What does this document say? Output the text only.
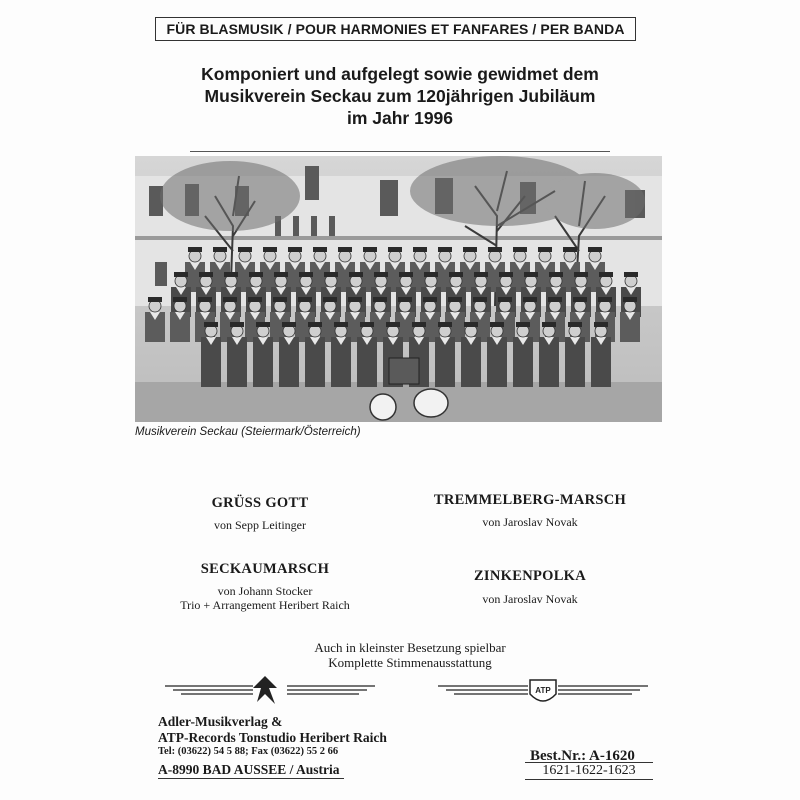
FÜR BLASMUSIK / POUR HARMONIES ET FANFARES / PER BANDA
Komponiert und aufgelegt sowie gewidmet dem
Musikverein Seckau zum 120jährigen Jubiläum
im Jahr 1996
Musikverein Seckau (Steiermark/Österreich)
GRÜSS GOTT
von Sepp Leitinger
TREMMELBERG-MARSCH
von Jaroslav Novak
SECKAUMARSCH
von Johann Stocker
Trio + Arrangement Heribert Raich
ZINKENPOLKA
von Jaroslav Novak
Auch in kleinster Besetzung spielbar
Komplette Stimmenausstattung
ATP
Adler-Musikverlag &
ATP-Records Tonstudio Heribert Raich
Tel: (03622) 54 5 88; Fax (03622) 55 2 66
A-8990 BAD AUSSEE / Austria
Best.Nr.: A-1620
1621-1622-1623
